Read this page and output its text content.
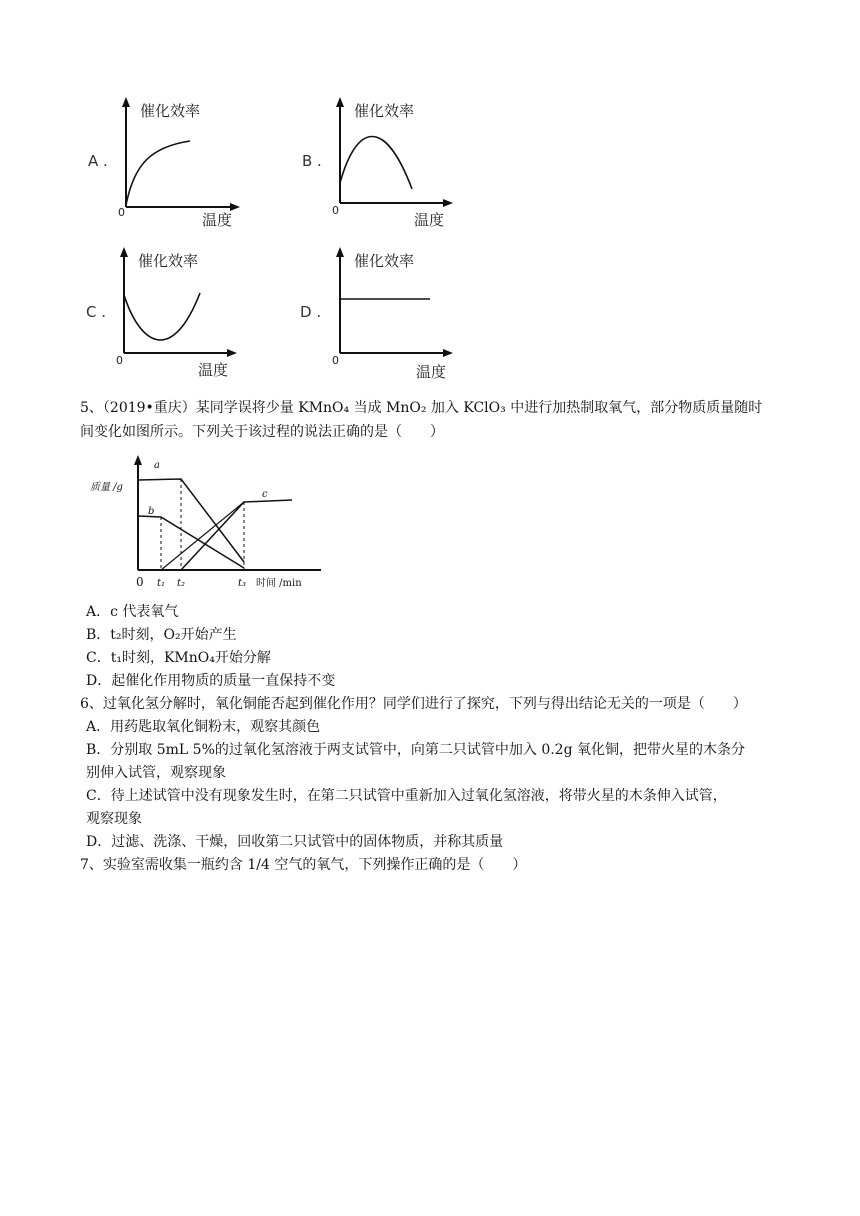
A .
催化效率
温度
0
B .
催化效率
温度
0
C .
催化效率
温度
0
D .
催化效率
温度
0
5、（2019•重庆）某同学误将少量 KMnO₄ 当成 MnO₂ 加入 KClO₃ 中进行加热制取氧气，部分物质质量随时
间变化如图所示。下列关于该过程的说法正确的是（　　）
a
b
c
质量 /g
0 t₁ t₂	t₃ 时间 /min
A．c 代表氧气
B．t₂时刻，O₂开始产生
C．t₁时刻，KMnO₄开始分解
D．起催化作用物质的质量一直保持不变
6、过氧化氢分解时，氧化铜能否起到催化作用？同学们进行了探究，下列与得出结论无关的一项是（　　）
A．用药匙取氧化铜粉末，观察其颜色
B．分别取 5mL 5%的过氧化氢溶液于两支试管中，向第二只试管中加入 0.2g 氧化铜，把带火星的木条分
别伸入试管，观察现象
C．待上述试管中没有现象发生时，在第二只试管中重新加入过氧化氢溶液，将带火星的木条伸入试管，
观察现象
D．过滤、洗涤、干燥，回收第二只试管中的固体物质，并称其质量
7、实验室需收集一瓶约含 1/4 空气的氧气，下列操作正确的是（　　）
